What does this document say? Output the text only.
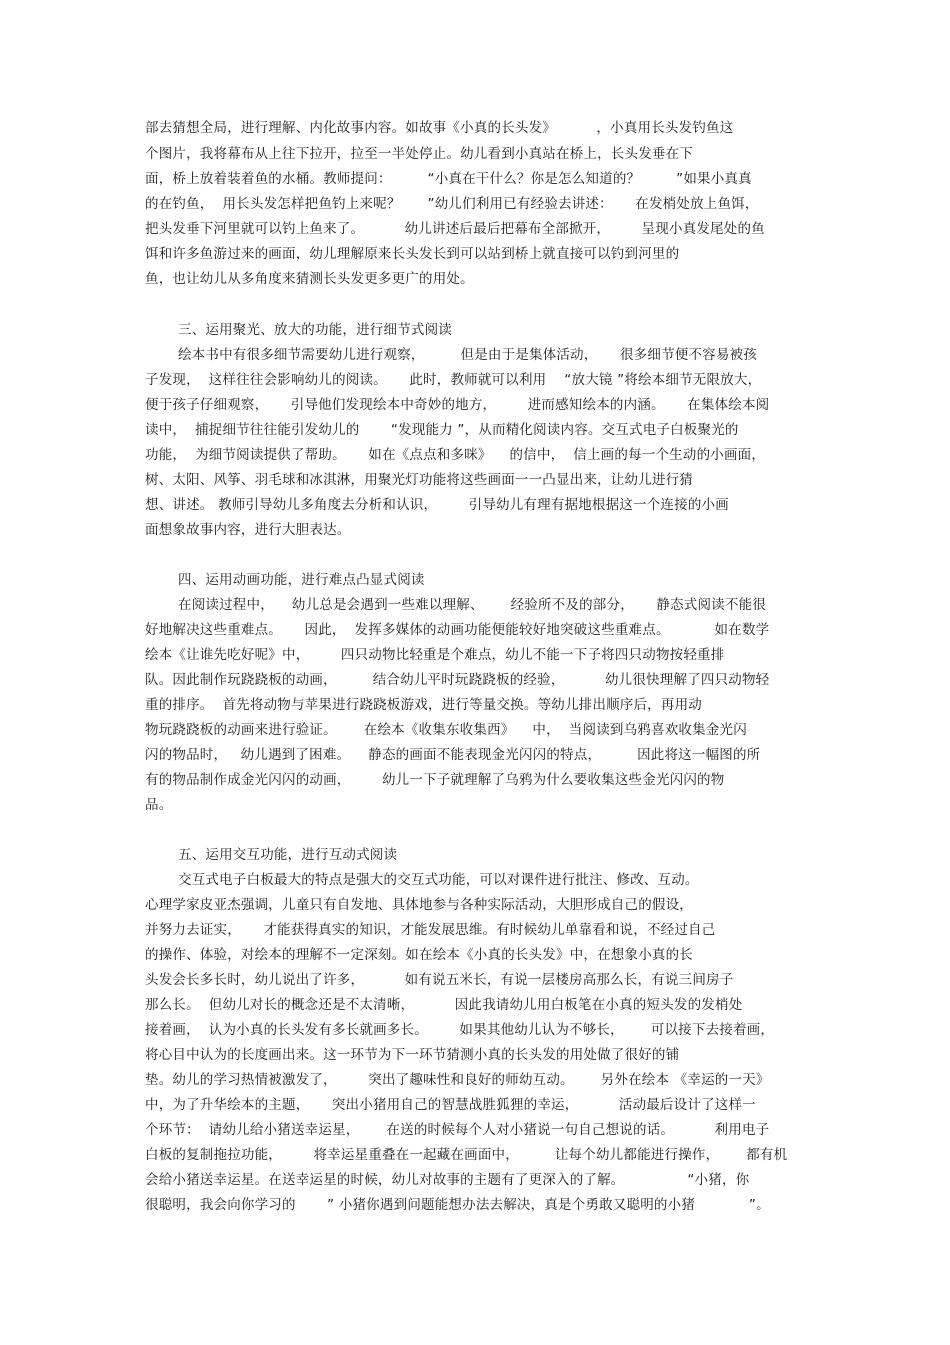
部去猜想全局，进行理解、内化故事内容。如故事《小真的长头发》         ，小真用长头发钓鱼这
个图片，我将幕布从上往下拉开，拉至一半处停止。幼儿看到小真站在桥上，长头发垂在下
面，桥上放着装着鱼的水桶。教师提问：        “小真在干什么？你是怎么知道的？        ”如果小真真
的在钓鱼，  用长头发怎样把鱼钓上来呢？      ”幼儿们利用已有经验去讲述：     在发梢处放上鱼饵，
把头发垂下河里就可以钓上鱼来了。         幼儿讲述后最后把幕布全部掀开，       呈现小真发尾处的鱼
饵和许多鱼游过来的画面，幼儿理解原来长头发长到可以站到桥上就直接可以钓到河里的
鱼，也让幼儿从多角度来猜测长头发更多更广的用处。
三、运用聚光、放大的功能，进行细节式阅读
绘本书中有很多细节需要幼儿进行观察，        但是由于是集体活动，     很多细节便不容易被孩
子发现，  这样往往会影响幼儿的阅读。     此时，教师就可以利用    “放大镜 ”将绘本细节无限放大，
便于孩子仔细观察，     引导他们发现绘本中奇妙的地方，       进而感知绘本的内涵。     在集体绘本阅
读中，  捕捉细节往往能引发幼儿的       “发现能力 ”，从而精化阅读内容。交互式电子白板聚光的
功能，  为细节阅读提供了帮助。     如在《点点和多咪》    的信中，  信上画的每一个生动的小画面，
树、太阳、风筝、羽毛球和冰淇淋，用聚光灯功能将这些画面一一凸显出来，让幼儿进行猜
想、讲述。 教师引导幼儿多角度去分析和认识，       引导幼儿有理有据地根据这一个连接的小画
面想象故事内容，进行大胆表达。
四、运用动画功能，进行难点凸显式阅读
在阅读过程中，    幼儿总是会遇到一些难以理解、      经验所不及的部分，     静态式阅读不能很
好地解决这些重难点。     因此，  发挥多媒体的动画功能便能较好地突破这些重难点。          如在数学
绘本《让谁先吃好呢》中，       四只动物比轻重是个难点，幼儿不能一下子将四只动物按轻重排
队。因此制作玩跷跷板的动画，        结合幼儿平时玩跷跷板的经验，         幼儿很快理解了四只动物轻
重的排序。  首先将动物与苹果进行跷跷板游戏，进行等量交换。等幼儿排出顺序后，再用动
物玩跷跷板的动画来进行验证。      在绘本《收集东收集西》    中，  当阅读到乌鸦喜欢收集金光闪
闪的物品时，   幼儿遇到了困难。    静态的画面不能表现金光闪闪的特点，        因此将这一幅图的所
有的物品制作成金光闪闪的动画，       幼儿一下子就理解了乌鸦为什么要收集这些金光闪闪的物
品。
五、运用交互功能，进行互动式阅读
交互式电子白板最大的特点是强大的交互式功能，可以对课件进行批注、修改、互动。
心理学家皮亚杰强调，儿童只有自发地、具体地参与各种实际活动，大胆形成自己的假设，
并努力去证实，     才能获得真实的知识，才能发展思维。有时候幼儿单靠看和说，不经过自己
的操作、体验，对绘本的理解不一定深刻。如在绘本《小真的长头发》中，在想象小真的长
头发会长多长时，幼儿说出了许多，         如有说五米长，有说一层楼房高那么长，有说三间房子
那么长。  但幼儿对长的概念还是不太清晰，         因此我请幼儿用白板笔在小真的短头发的发梢处
接着画，  认为小真的长头发有多长就画多长。       如果其他幼儿认为不够长，      可以接下去接着画，
将心目中认为的长度画出来。这一环节为下一环节猜测小真的长头发的用处做了很好的铺
垫。幼儿的学习热情被激发了，       突出了趣味性和良好的师幼互动。      另外在绘本 《幸运的一天》
中，为了升华绘本的主题，     突出小猪用自己的智慧战胜狐狸的幸运，         活动最后设计了这样一
个环节：  请幼儿给小猪送幸运星，      在送的时候每个人对小猪说一句自己想说的话。         利用电子
白板的复制拖拉功能，       将幸运星重叠在一起藏在画面中，        让每个幼儿都能进行操作，      都有机
会给小猪送幸运星。在送幸运星的时候，幼儿对故事的主题有了更深入的了解。              “小猪，你
很聪明，我会向你学习的       ” 小猪你遇到问题能想办法去解决，真是个勇敢又聪明的小猪            ”。
